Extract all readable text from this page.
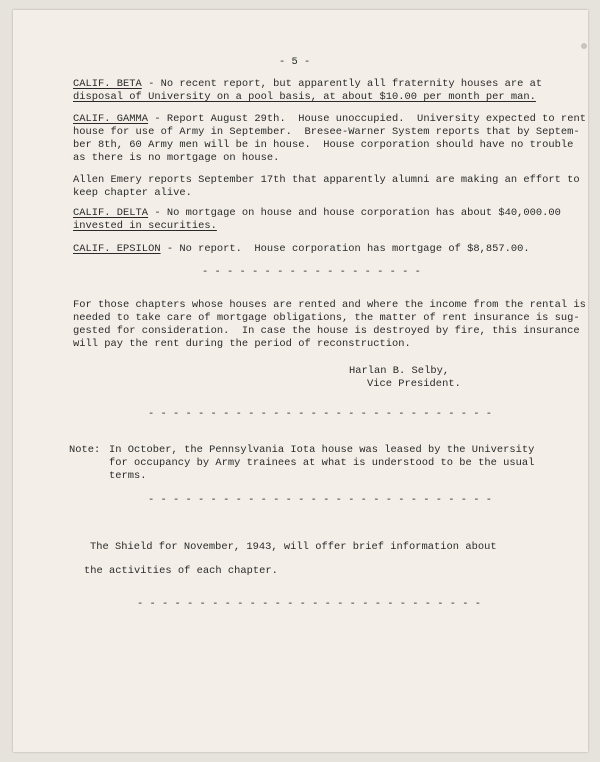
- 5 -
CALIF. BETA - No recent report, but apparently all fraternity houses are at
disposal of University on a pool basis, at about $10.00 per month per man.
CALIF. GAMMA - Report August 29th.  House unoccupied.  University expected to rent
house for use of Army in September.  Bresee-Warner System reports that by Septem-
ber 8th, 60 Army men will be in house.  House corporation should have no trouble
as there is no mortgage on house.
Allen Emery reports September 17th that apparently alumni are making an effort to
keep chapter alive.
CALIF. DELTA - No mortgage on house and house corporation has about $40,000.00
invested in securities.
CALIF. EPSILON - No report.  House corporation has mortgage of $8,857.00.
- - - - - - - - - - - - - - - - - -
For those chapters whose houses are rented and where the income from the rental is
needed to take care of mortgage obligations, the matter of rent insurance is sug-
gested for consideration.  In case the house is destroyed by fire, this insurance
will pay the rent during the period of reconstruction.
Harlan B. Selby,
Vice President.
- - - - - - - - - - - - - - - - - - - - - - - - - - - -
Note: In October, the Pennsylvania Iota house was leased by the University
for occupancy by Army trainees at what is understood to be the usual
terms.
- - - - - - - - - - - - - - - - - - - - - - - - - - - -
The Shield for November, 1943, will offer brief information about
the activities of each chapter.
- - - - - - - - - - - - - - - - - - - - - - - - - - - -
